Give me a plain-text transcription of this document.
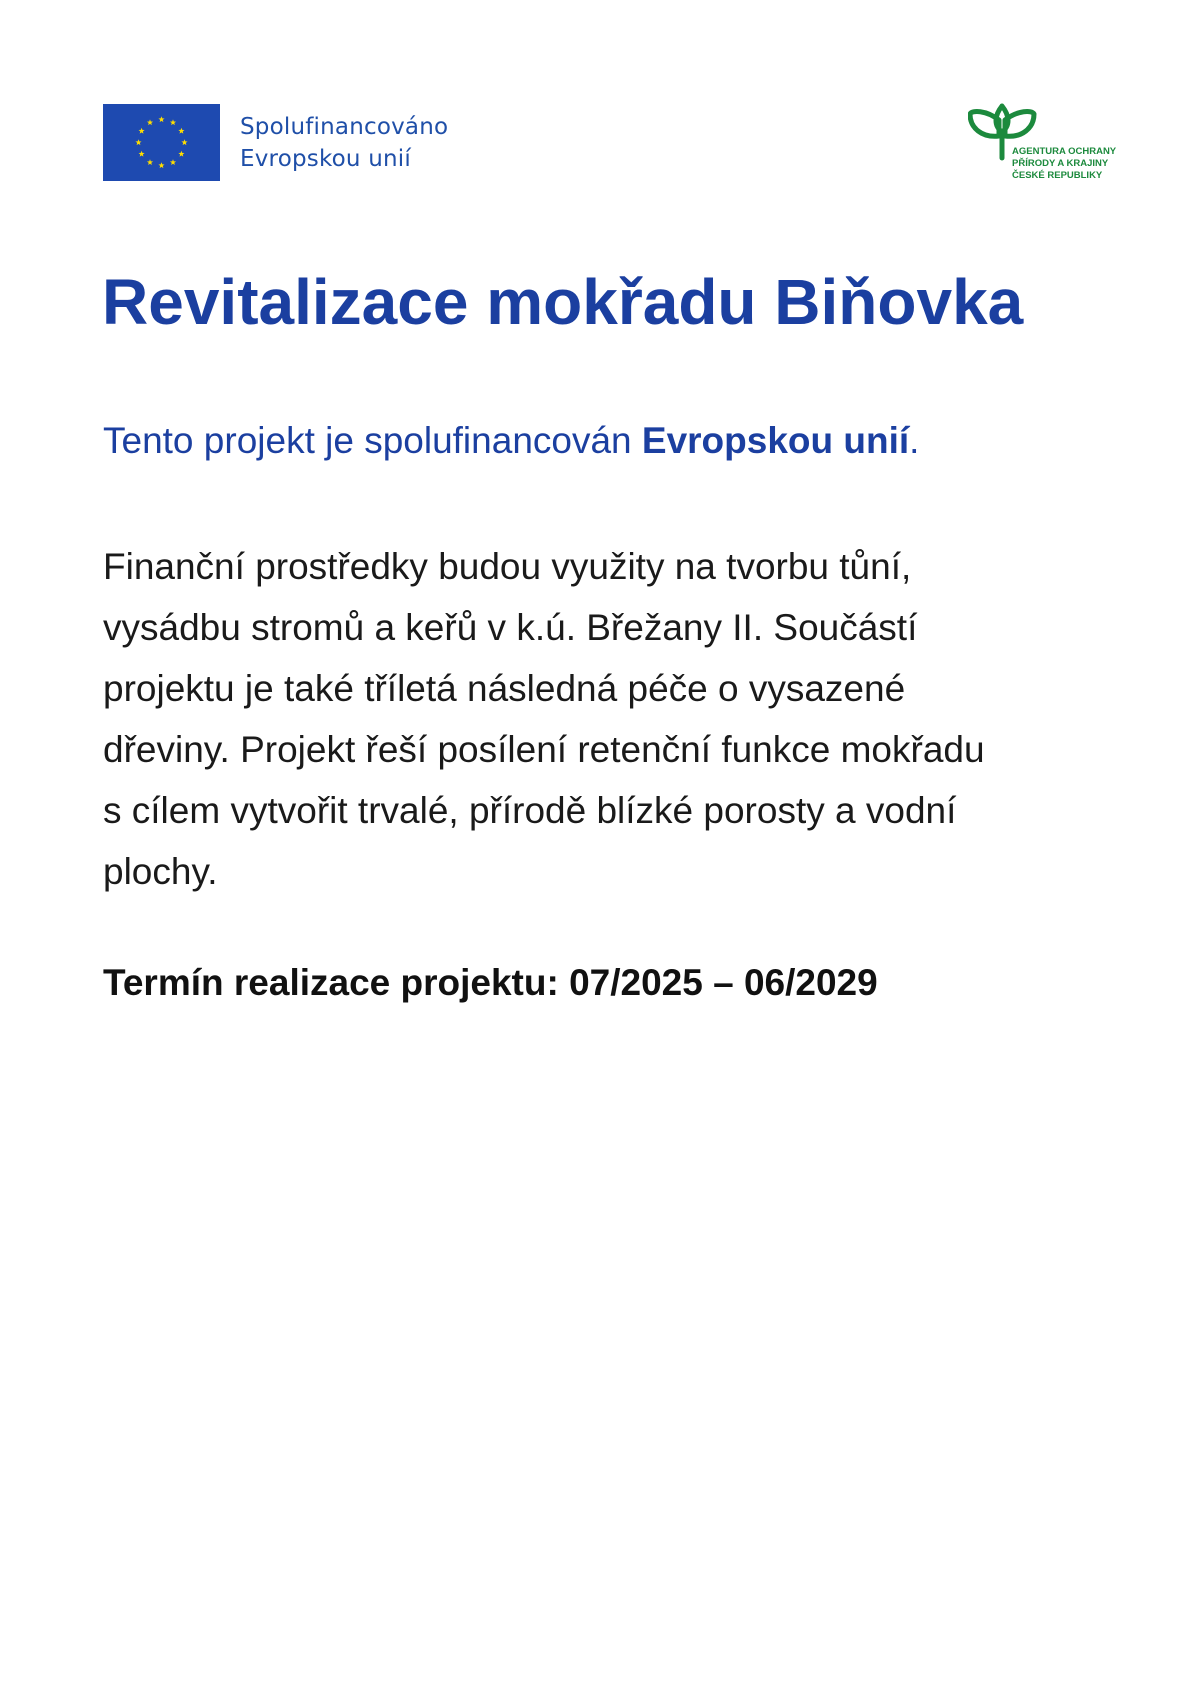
Spolufinancováno
Evropskou unií	AGENTURA OCHRANY
PŘÍRODY A KRAJINY
ČESKÉ REPUBLIKY
Revitalizace mokřadu Biňovka

Tento projekt je spolufinancován Evropskou unií.

Finanční prostředky budou využity na tvorbu tůní,
vysádbu stromů a keřů v k.ú. Břežany II. Součástí
projektu je také tříletá následná péče o vysazené
dřeviny. Projekt řeší posílení retenční funkce mokřadu
s cílem vytvořit trvalé, přírodě blízké porosty a vodní
plochy.

Termín realizace projektu: 07/2025 – 06/2029
